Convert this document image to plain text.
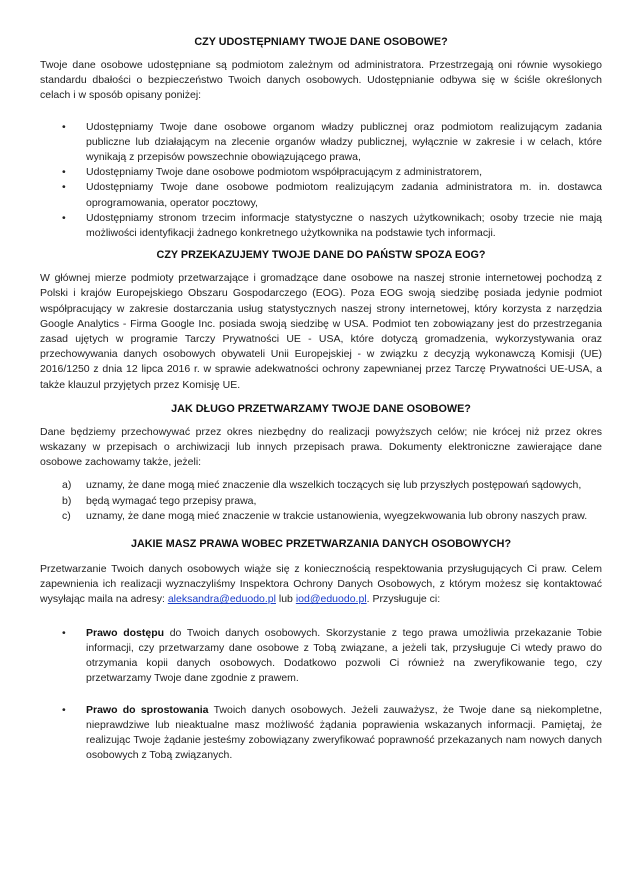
CZY UDOSTĘPNIAMY TWOJE DANE OSOBOWE?

Twoje dane osobowe udostępniane są podmiotom zależnym od administratora. Przestrzegają oni równie wysokiego standardu dbałości o bezpieczeństwo Twoich danych osobowych. Udostępnianie odbywa się w ściśle określonych celach i w sposób opisany poniżej:

• Udostępniamy Twoje dane osobowe organom władzy publicznej oraz podmiotom realizującym zadania publiczne lub działającym na zlecenie organów władzy publicznej, wyłącznie w zakresie i w celach, które wynikają z przepisów powszechnie obowiązującego prawa,
• Udostępniamy Twoje dane osobowe podmiotom współpracującym z administratorem,
• Udostępniamy Twoje dane osobowe podmiotom realizującym zadania administratora m. in. dostawca oprogramowania, operator pocztowy,
• Udostępniamy stronom trzecim informacje statystyczne o naszych użytkownikach; osoby trzecie nie mają możliwości identyfikacji żadnego konkretnego użytkownika na podstawie tych informacji.
CZY PRZEKAZUJEMY TWOJE DANE DO PAŃSTW SPOZA EOG?

W głównej mierze podmioty przetwarzające i gromadzące dane osobowe na naszej stronie internetowej pochodzą z Polski i krajów Europejskiego Obszaru Gospodarczego (EOG). Poza EOG swoją siedzibę posiada jedynie podmiot współpracujący w zakresie dostarczania usług statystycznych naszej strony internetowej, który korzysta z narzędzia Google Analytics - Firma Google Inc. posiada swoją siedzibę w USA. Podmiot ten zobowiązany jest do przestrzegania zasad ujętych w programie Tarczy Prywatności UE - USA, które dotyczą gromadzenia, wykorzystywania oraz przechowywania danych osobowych obywateli Unii Europejskiej - w związku z decyzją wykonawczą Komisji (UE) 2016/1250 z dnia 12 lipca 2016 r. w sprawie adekwatności ochrony zapewnianej przez Tarczę Prywatności UE-USA, a także klauzul przyjętych przez Komisję UE.

JAK DŁUGO PRZETWARZAMY TWOJE DANE OSOBOWE?

Dane będziemy przechowywać przez okres niezbędny do realizacji powyższych celów; nie krócej niż przez okres wskazany w przepisach o archiwizacji lub innych przepisach prawa. Dokumenty elektroniczne zawierające dane osobowe zachowamy także, jeżeli:

a) uznamy, że dane mogą mieć znaczenie dla wszelkich toczących się lub przyszłych postępowań sądowych,
b) będą wymagać tego przepisy prawa,
c) uznamy, że dane mogą mieć znaczenie w trakcie ustanowienia, wyegzekwowania lub obrony naszych praw.
JAKIE MASZ PRAWA WOBEC PRZETWARZANIA DANYCH OSOBOWYCH?

Przetwarzanie Twoich danych osobowych wiąże się z koniecznością respektowania przysługujących Ci praw. Celem zapewnienia ich realizacji wyznaczyliśmy Inspektora Ochrony Danych Osobowych, z którym możesz się kontaktować wysyłając maila na adresy: aleksandra@eduodo.pl lub iod@eduodo.pl. Przysługuje ci:

• Prawo dostępu do Twoich danych osobowych. Skorzystanie z tego prawa umożliwia przekazanie Tobie informacji, czy przetwarzamy dane osobowe z Tobą związane, a jeżeli tak, przysługuje Ci wtedy prawo do otrzymania kopii danych osobowych. Dodatkowo pozwoli Ci również na zweryfikowanie tego, czy przetwarzamy Twoje dane zgodnie z prawem.
• Prawo do sprostowania Twoich danych osobowych. Jeżeli zauważysz, że Twoje dane są niekompletne, nieprawdziwe lub nieaktualne masz możliwość żądania poprawienia wskazanych informacji. Pamiętaj, że realizując Twoje żądanie jesteśmy zobowiązany zweryfikować poprawność przekazanych nam nowych danych osobowych z Tobą związanych.
